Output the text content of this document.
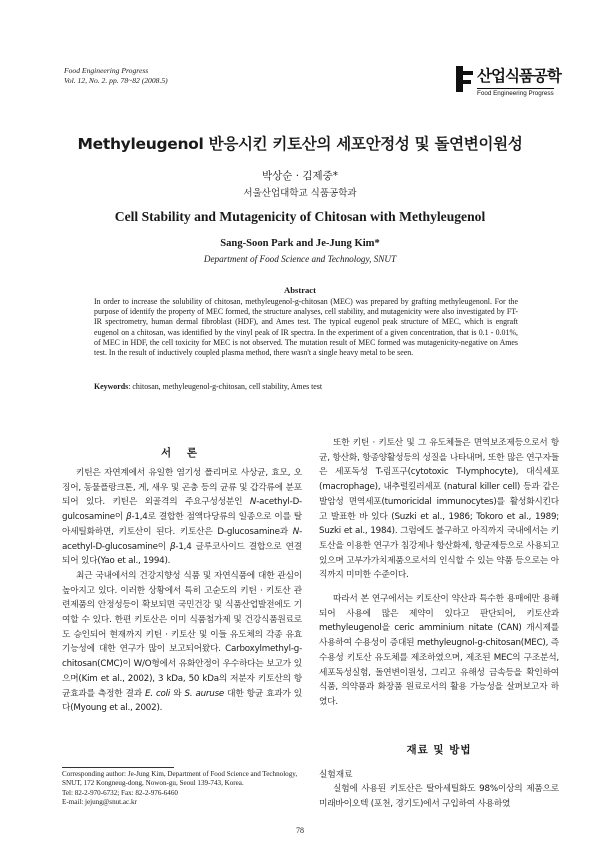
Food Engineering Progress
Vol. 12, No. 2. pp. 78~82 (2008.5)	산업식품공학
Food Engineering Progress
Methyleugenol 반응시킨 키토산의 세포안정성 및 돌연변이원성
박상순 · 김제중*
서울산업대학교 식품공학과
Cell Stability and Mutagenicity of Chitosan with Methyleugenol
Sang-Soon Park and Je-Jung Kim*
Department of Food Science and Technology, SNUT
Abstract
In order to increase the solubility of chitosan, methyleugenol-g-chitosan (MEC) was prepared by grafting methyleugenonl. For the purpose of identify the property of MEC formed, the structure analyses, cell stability, and mutagenicity were also investigated by FT-IR spectrometry, human dermal fibroblast (HDF), and Ames test. The typical eugenol peak structure of MEC, which is engraft eugenol on a chitosan, was identified by the vinyl peak of IR spectra. In the experiment of a given concentration, that is 0.1 - 0.01%, of MEC in HDF, the cell toxicity for MEC is not observed. The mutation result of MEC formed was mutagenicity-negative on Ames test. In the result of inductively coupled plasma method, there wasn't a single heavy metal to be seen.
Keywords: chitosan, methyleugenol-g-chitosan, cell stability, Ames test
서 론

키틴은 자연계에서 유일한 염기성 폴리머로 사상균, 효모, 오징어, 동물플랑크톤, 게, 새우 및 곤충 등의 균류 및 갑각류에 분포되어 있다. 키틴은 외골격의 주요구성성분인 N-acethyl-D-gulcosamine이 β-1,4로 결합한 점액다당류의 일종으로 이를 탈아세틸화하면, 키토산이 된다. 키토산은 D-glucosamine과 N-acethyl-D-glucosamine이 β-1,4 글루코사이드 결합으로 연결되어 있다(Yao et al., 1994).

최근 국내에서의 건강지향성 식품 및 자연식품에 대한 관심이 높아지고 있다. 이러한 상황에서 특히 고순도의 키틴 · 키토산 관련제품의 안정성등이 확보되면 국민건강 및 식품산업발전에도 기여할 수 있다. 한편 키토산은 이미 식품첨가제 및 건강식품원료로도 승인되어 현재까지 키틴 · 키토산 및 이들 유도체의 각종 유효 기능성에 대한 연구가 많이 보고되어왔다. Carboxylmethyl-g-chitosan(CMC)이 W/O형에서 유화안정이 우수하다는 보고가 있으며(Kim et al., 2002), 3 kDa, 50 kDa의 저분자 키토산의 항균효과를 측정한 결과 E. coli 와 S. auruse 대한 항균 효과가 있다(Myoung et al., 2002).

Corresponding author: Je-Jung Kim, Department of Food Science and Technology, SNUT, 172 Kongneug-dong, Nowon-gu, Seoul 139-743, Korea.
Tel: 82-2-970-6732; Fax: 82-2-976-6460
E-mail: jejung@snut.ac.kr

또한 키틴 · 키토산 및 그 유도체들은 면역보조제등으로서 항균, 항산화, 항종양활성등의 성질을 나타내며, 또한 많은 연구자들은 세포독성 T-림프구(cytotoxic T-lymphocyte), 대식세포(macrophage), 내추럴킬러세포 (natural killer cell) 등과 같은 발암성 면역세포(tumoricidal immunocytes)를 활성화시킨다고 발표한 바 있다 (Suzki et al., 1986; Tokoro et al., 1989; Suzki et al., 1984). 그럼에도 불구하고 아직까지 국내에서는 키토산을 이용한 연구가 침강제나 항산화제, 항균제등으로 사용되고 있으며 고부가가치제품으로서의 인식할 수 있는 약품 등으로는 아직까지 미미한 수준이다.

따라서 본 연구에서는 키토산이 약산과 특수한 용매에만 용해되어 사용에 많은 제약이 있다고 판단되어, 키토산과 methyleugenol을 ceric amminium nitate (CAN) 개시제를 사용하여 수용성이 증대된 methyleugnol-g-chitosan(MEC), 즉 수용성 키토산 유도체를 제조하였으며, 제조된 MEC의 구조분석, 세포독성실험, 돌연변이원성, 그리고 유해성 금속등을 확인하여 식품, 의약품과 화장품 원료로서의 활용 가능성을 살펴보고자 하였다.

재료 및 방법
실험재료

실험에 사용된 키토산은 탈아세틸화도 98%이상의 제품으로 미래바이오텍 (포천, 경기도)에서 구입하여 사용하였

78
